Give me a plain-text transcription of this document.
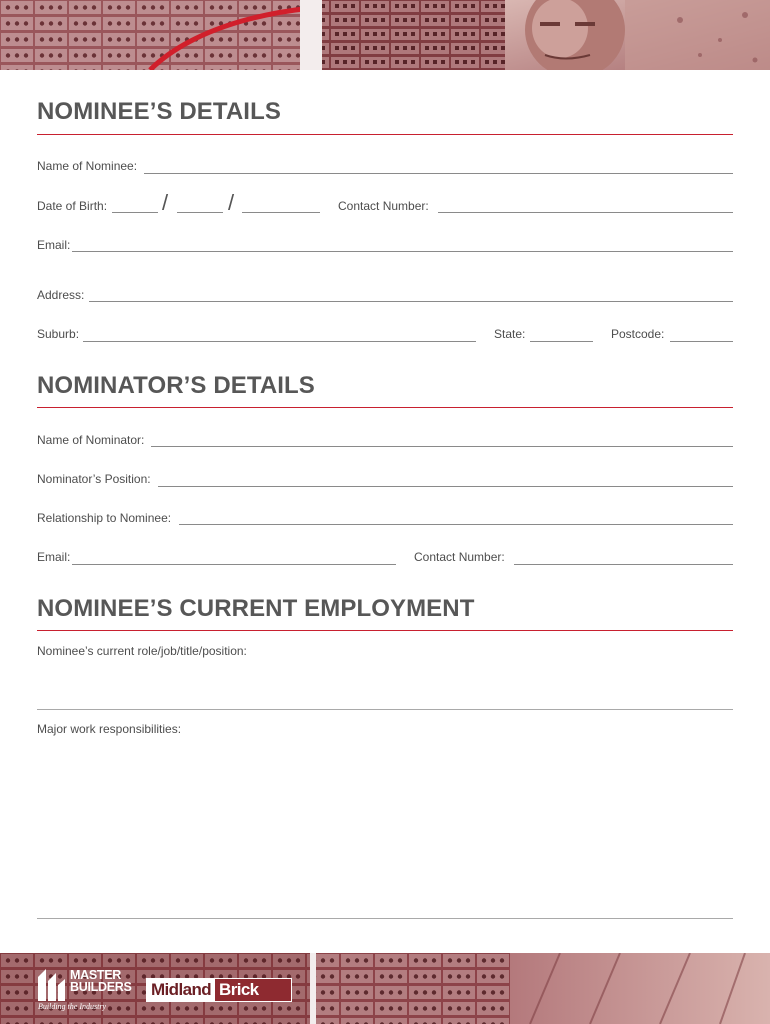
NOMINEE’S DETAILS
Name of Nominee:
Date of Birth: /	/	Contact Number:
Email:
Address:
Suburb:	State:	Postcode:
NOMINATOR’S DETAILS
Name of Nominator:
Nominator’s Position:
Relationship to Nominee:
Email:	Contact Number:
NOMINEE’S CURRENT EMPLOYMENT
Nominee’s current role/job/title/position:
Major work responsibilities:
MASTER
BUILDERS
Building the Industry
Midland Brick
